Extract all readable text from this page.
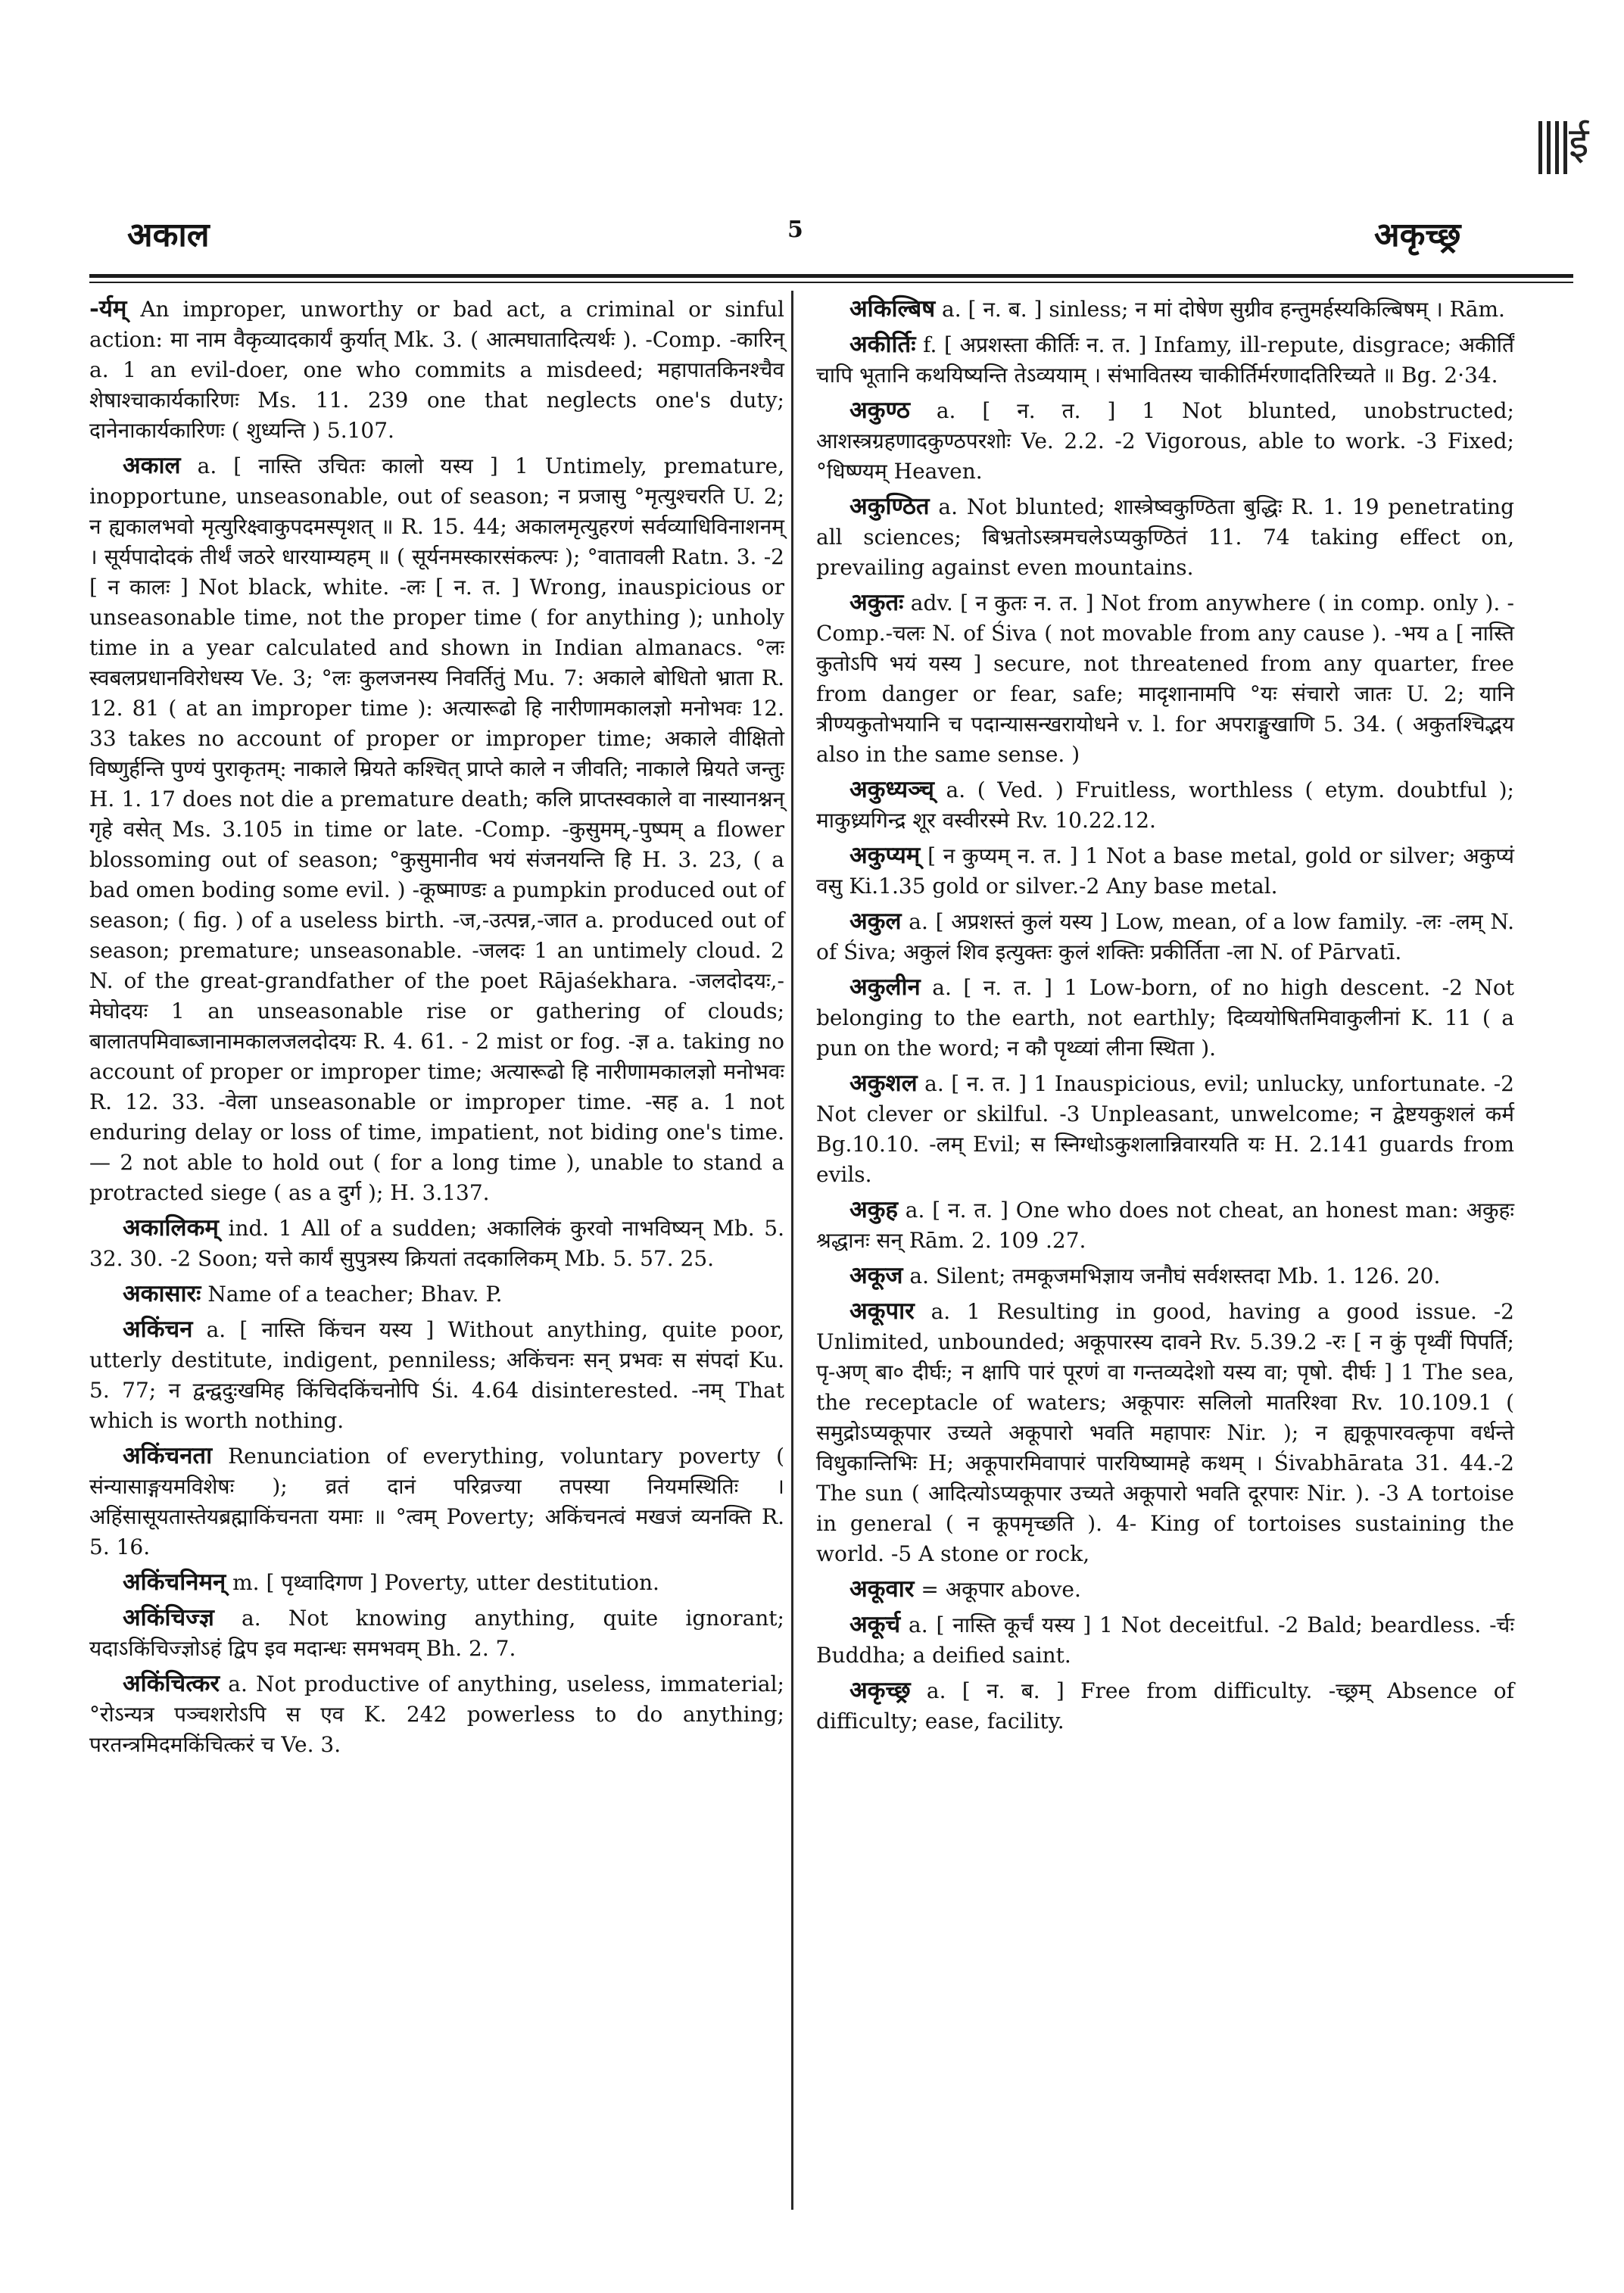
ई
अकाल	5	अकृच्छ्र

-र्यम् An improper, unworthy or bad act, a criminal or sinful action: मा नाम वैकृव्यादकार्यं कुर्यात् Mk. 3. ( आत्मघातादित्यर्थः ). -Comp. -कारिन् a. 1 an evil-doer, one who commits a misdeed; महापातकिनश्चैव शेषाश्चाकार्यकारिणः Ms. 11. 239 one that neglects one's duty; दानेनाकार्यकारिणः ( शुध्यन्ति ) 5.107.

अकाल a. [ नास्ति उचितः कालो यस्य ] 1 Untimely, premature, inopportune, unseasonable, out of season; न प्रजासु °मृत्युश्चरति U. 2; न ह्यकालभवो मृत्युरिक्ष्वाकुपदमस्पृशत् ॥ R. 15. 44; अकालमृत्युहरणं सर्वव्याधिविनाशनम् । सूर्यपादोदकं तीर्थं जठरे धारयाम्यहम् ॥ ( सूर्यनमस्कारसंकल्पः ); °वातावली Ratn. 3. -2 [ न कालः ] Not black, white. -लः [ न. त. ] Wrong, inauspicious or unseasonable time, not the proper time ( for anything ); unholy time in a year calculated and shown in Indian almanacs. °लः स्वबलप्रधानविरोधस्य Ve. 3; °लः कुलजनस्य निवर्तितुं Mu. 7: अकाले बोधितो भ्राता R. 12. 81 ( at an improper time ): अत्यारूढो हि नारीणामकालज्ञो मनोभवः 12. 33 takes no account of proper or improper time; अकाले वीक्षितो विष्णुर्हन्ति पुण्यं पुराकृतम्: नाकाले म्रियते कश्चित् प्राप्ते काले न जीवति; नाकाले म्रियते जन्तुः H. 1. 17 does not die a premature death; कलि प्राप्तस्वकाले वा नास्यानश्नन् गृहे वसेत् Ms. 3.105 in time or late. -Comp. -कुसुमम्,-पुष्पम् a flower blossoming out of season; °कुसुमानीव भयं संजनयन्ति हि H. 3. 23, ( a bad omen boding some evil. ) -कूष्माण्डः a pumpkin produced out of season; ( fig. ) of a useless birth. -ज,-उत्पन्न,-जात a. produced out of season; premature; unseasonable. -जलदः 1 an untimely cloud. 2 N. of the great-grandfather of the poet Rājaśekhara. -जलदोदयः,-मेघोदयः 1 an unseasonable rise or gathering of clouds; बालातपमिवाब्जानामकालजलदोदयः R. 4. 61. - 2 mist or fog. -ज्ञ a. taking no account of proper or improper time; अत्यारूढो हि नारीणामकालज्ञो मनोभवः R. 12. 33. -वेला unseasonable or improper time. -सह a. 1 not enduring delay or loss of time, impatient, not biding one's time.— 2 not able to hold out ( for a long time ), unable to stand a protracted siege ( as a दुर्ग ); H. 3.137.

अकालिकम् ind. 1 All of a sudden; अकालिकं कुरवो नाभविष्यन् Mb. 5. 32. 30. -2 Soon; यत्ते कार्यं सुपुत्रस्य क्रियतां तदकालिकम् Mb. 5. 57. 25.

अकासारः Name of a teacher; Bhav. P.

अकिंचन a. [ नास्ति किंचन यस्य ] Without anything, quite poor, utterly destitute, indigent, penniless; अकिंचनः सन् प्रभवः स संपदां Ku. 5. 77; न द्वन्द्वदुःखमिह किंचिदकिंचनोपि Śi. 4.64 disinterested. -नम् That which is worth nothing.

अकिंचनता Renunciation of everything, voluntary poverty ( संन्यासाङ्गयमविशेषः ); व्रतं दानं परिव्रज्या तपस्या नियमस्थितिः । अहिंसासूयतास्तेयब्रह्माकिंचनता यमाः ॥ °त्वम् Poverty; अकिंचनत्वं मखजं व्यनक्ति R. 5. 16.

अकिंचनिमन् m. [ पृथ्वादिगण ] Poverty, utter destitution.

अकिंचिज्ज्ञ a. Not knowing anything, quite ignorant; यदाऽकिंचिज्ज्ञोऽहं द्विप इव मदान्धः समभवम् Bh. 2. 7.

अकिंचित्कर a. Not productive of anything, useless, immaterial; °रोऽन्यत्र पञ्चशरोऽपि स एव K. 242 powerless to do anything; परतन्त्रमिदमकिंचित्करं च Ve. 3.

अकिल्बिष a. [ न. ब. ] sinless; न मां दोषेण सुग्रीव हन्तुमर्हस्यकिल्बिषम् । Rām.

अकीर्तिः f. [ अप्रशस्ता कीर्तिः न. त. ] Infamy, ill-repute, disgrace; अकीर्तिं चापि भूतानि कथयिष्यन्ति तेऽव्ययाम् । संभावितस्य चाकीर्तिर्मरणादतिरिच्यते ॥ Bg. 2·34.

अकुण्ठ a. [ न. त. ] 1 Not blunted, unobstructed; आशस्त्रग्रहणादकुण्ठपरशोः Ve. 2.2. -2 Vigorous, able to work. -3 Fixed; °धिष्ण्यम् Heaven.

अकुण्ठित a. Not blunted; शास्त्रेष्वकुण्ठिता बुद्धिः R. 1. 19 penetrating all sciences; बिभ्रतोऽस्त्रमचलेऽप्यकुण्ठितं 11. 74 taking effect on, prevailing against even mountains.

अकुतः adv. [ न कुतः न. त. ] Not from anywhere ( in comp. only ). -Comp.-चलः N. of Śiva ( not movable from any cause ). -भय a [ नास्ति कुतोऽपि भयं यस्य ] secure, not threatened from any quarter, free from danger or fear, safe; मादृशानामपि °यः संचारो जातः U. 2; यानि त्रीण्यकुतोभयानि च पदान्यासन्खरायोधने v. l. for अपराङ्मुखाणि 5. 34. ( अकुतश्चिद्भय also in the same sense. )

अकुध्यञ्च् a. ( Ved. ) Fruitless, worthless ( etym. doubtful ); माकुध्र्यगिन्द्र शूर वस्वीरस्मे Rv. 10.22.12.

अकुप्यम् [ न कुप्यम् न. त. ] 1 Not a base metal, gold or silver; अकुप्यं वसु Ki.1.35 gold or silver.-2 Any base metal.

अकुल a. [ अप्रशस्तं कुलं यस्य ] Low, mean, of a low family. -लः -लम् N. of Śiva; अकुलं शिव इत्युक्तः कुलं शक्तिः प्रकीर्तिता -ला N. of Pārvatī.

अकुलीन a. [ न. त. ] 1 Low-born, of no high descent. -2 Not belonging to the earth, not earthly; दिव्ययोषितमिवाकुलीनां K. 11 ( a pun on the word; न कौ पृथ्व्यां लीना स्थिता ).

अकुशल a. [ न. त. ] 1 Inauspicious, evil; unlucky, unfortunate. -2 Not clever or skilful. -3 Unpleasant, unwelcome; न द्वेष्टयकुशलं कर्म Bg.10.10. -लम् Evil; स स्निग्धोऽकुशलान्निवारयति यः H. 2.141 guards from evils.

अकुह a. [ न. त. ] One who does not cheat, an honest man: अकुहः श्रद्धानः सन् Rām. 2. 109 .27.

अकूज a. Silent; तमकूजमभिज्ञाय जनौघं सर्वशस्तदा Mb. 1. 126. 20.

अकूपार a. 1 Resulting in good, having a good issue. -2 Unlimited, unbounded; अकूपारस्य दावने Rv. 5.39.2 -रः [ न कुं पृथ्वीं पिपर्ति; पृ-अण् बा० दीर्घः; न क्षापि पारं पूरणं वा गन्तव्यदेशो यस्य वा; पृषो. दीर्घः ] 1 The sea, the receptacle of waters; अकूपारः सलिलो मातरिश्वा Rv. 10.109.1 ( समुद्रोऽप्यकूपार उच्यते अकूपारो भवति महापारः Nir. ); न ह्यकूपारवत्कृपा वर्धन्ते विधुकान्तिभिः H; अकूपारमिवापारं पारयिष्यामहे कथम् । Śivabhārata 31. 44.-2 The sun ( आदित्योऽप्यकूपार उच्यते अकूपारो भवति दूरपारः Nir. ). -3 A tortoise in general ( न कूपमृच्छति ). 4- King of tortoises sustaining the world. -5 A stone or rock,

अकूवार = अकूपार above.

अकूर्च a. [ नास्ति कूर्चं यस्य ] 1 Not deceitful. -2 Bald; beardless. -र्चः Buddha; a deified saint.

अकृच्छ्र a. [ न. ब. ] Free from difficulty. -च्छ्रम् Absence of difficulty; ease, facility.
